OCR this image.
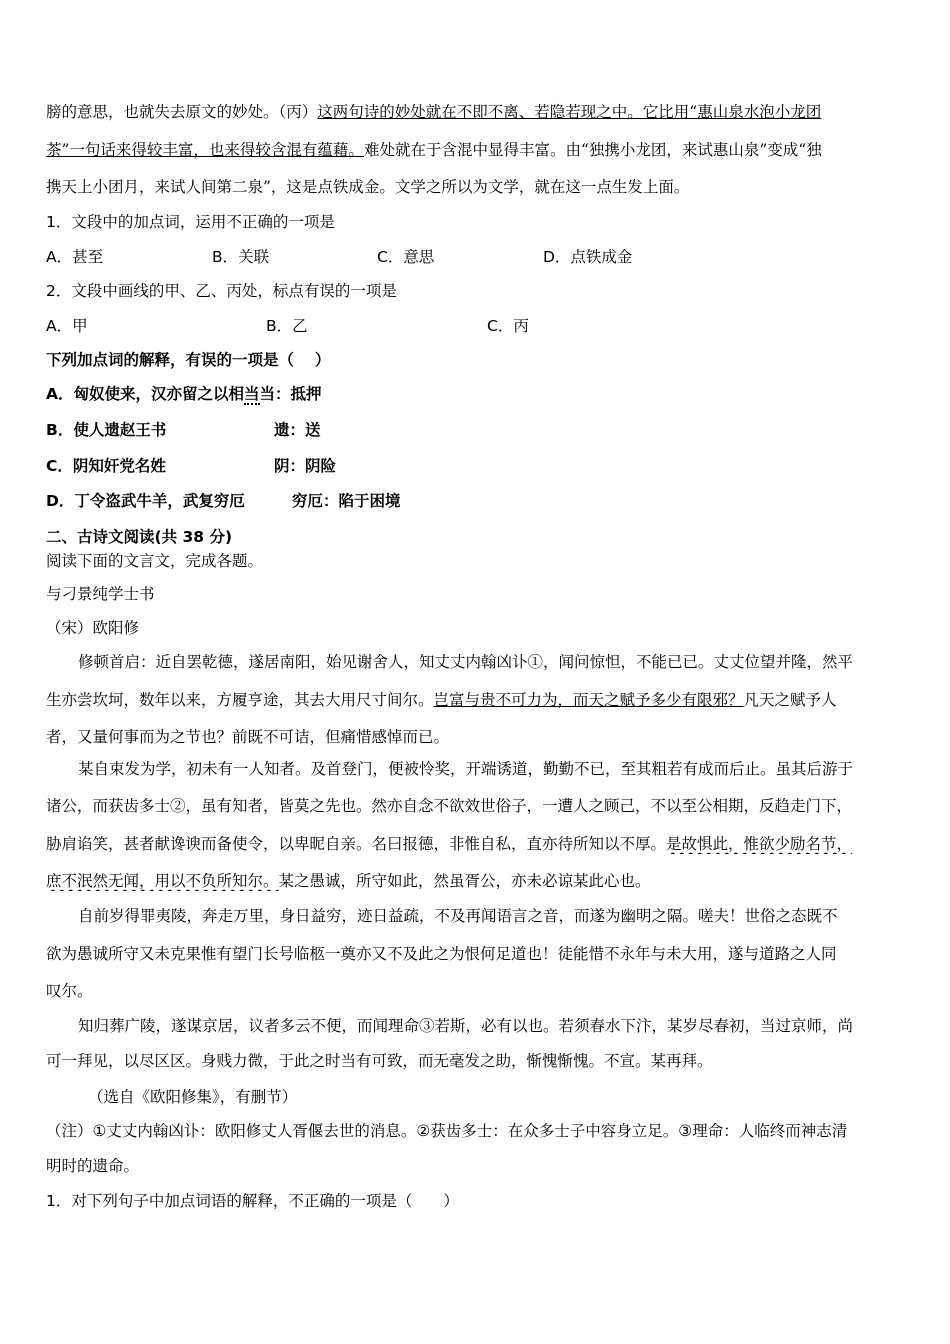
膀的意思，也就失去原文的妙处。（丙）这两句诗的妙处就在不即不离、若隐若现之中。它比用“惠山泉水泡小龙团
茶”一句话来得较丰富，也来得较含混有蕴藉。难处就在于含混中显得丰富。由“独携小龙团，来试惠山泉”变成“独
携天上小团月，来试人间第二泉”，这是点铁成金。文学之所以为文学，就在这一点生发上面。
1．文段中的加点词，运用不正确的一项是
A．甚至	B．关联	C．意思	D．点铁成金
2．文段中画线的甲、乙、丙处，标点有误的一项是
A．甲	B．乙	C．丙
下列加点词的解释，有误的一项是（　 ）
A．匈奴使来，汉亦留之以相当当：抵押
B．使人遗赵王书	遗：送
C．阴知奸党名姓	阴：阴险
D．丁令盗武牛羊，武复穷厄	穷厄：陷于困境
二、古诗文阅读(共 38 分)
阅读下面的文言文，完成各题。
与刁景纯学士书
（宋）欧阳修
修顿首启：近自罢乾德，遂居南阳，始见谢舍人，知丈丈内翰凶讣①，闻问惊怛，不能已已。丈丈位望并隆，然平
生亦尝坎坷，数年以来，方履亨途，其去大用尺寸间尔。岂富与贵不可力为，而天之赋予多少有限邪？凡天之赋予人
者，又量何事而为之节也？前既不可诘，但痛惜感悼而已。
某自束发为学，初未有一人知者。及首登门，便被怜奖，开端诱道，勤勤不已，至其粗若有成而后止。虽其后游于
诸公，而获齿多士②，虽有知者，皆莫之先也。然亦自念不欲效世俗子，一遭人之顾己，不以至公相期，反趋走门下，
胁肩谄笑，甚者献谗谀而备使令，以卑昵自亲。名曰报德，非惟自私，直亦待所知以不厚。是故惧此，惟欲少励名节，
庶不泯然无闻，用以不负所知尔。某之愚诚，所守如此，然虽胥公，亦未必谅某此心也。
自前岁得罪夷陵，奔走万里，身日益穷，迹日益疏，不及再闻语言之音，而遂为幽明之隔。嗟夫！世俗之态既不
欲为愚诚所守又未克果惟有望门长号临柩一奠亦又不及此之为恨何足道也！徒能惜不永年与未大用，遂与道路之人同
叹尔。
知归葬广陵，遂谋京居，议者多云不便，而闻理命③若斯，必有以也。若须春水下汴，某岁尽春初，当过京师，尚
可一拜见，以尽区区。身贱力微，于此之时当有可致，而无毫发之助，惭愧惭愧。不宣。某再拜。
（选自《欧阳修集》，有删节）
（注）①丈丈内翰凶讣：欧阳修丈人胥偃去世的消息。②获齿多士：在众多士子中容身立足。③理命：人临终而神志清
明时的遗命。
1．对下列句子中加点词语的解释，不正确的一项是（　　）
